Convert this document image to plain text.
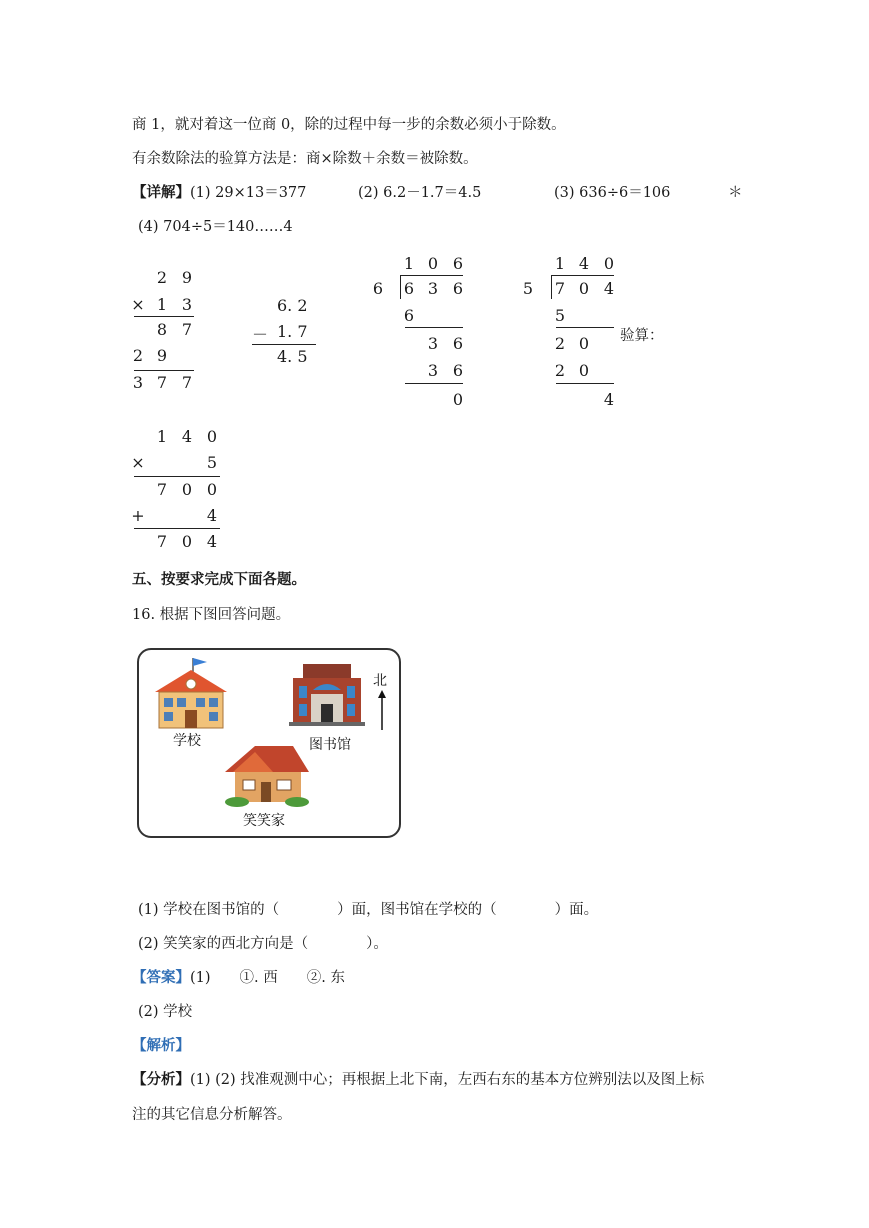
商 1，就对着这一位商 0，除的过程中每一步的余数必须小于除数。
有余数除法的验算方法是：商×除数＋余数＝被除数。
【详解】 (1) 29×13＝377	(2) 6.2－1.7＝4.5	(3) 636÷6＝106	＊
(4) 704÷5＝140……4
2 9
× 1 3
8 7
2 9
3 7 7
6. 2
－ 1. 7
4. 5
1 0 6
6	6 3 6
6
3 6
3 6
0
1 4 0
5	7 0 4
5
2 0
2 0
4
验算：
1 4 0
×	5
7 0 0
+	4
7 0 4
五、按要求完成下面各题。
16. 根据下图回答问题。
学校	图书馆
北
笑笑家
(1) 学校在图书馆的（　　　　）面，图书馆在学校的（　　　　）面。
(2) 笑笑家的西北方向是（　　　　）。
【答案】(1)　　①. 西　　②. 东
(2) 学校
【解析】
【分析】(1) (2) 找准观测中心；再根据上北下南，左西右东的基本方位辨别法以及图上标
注的其它信息分析解答。
